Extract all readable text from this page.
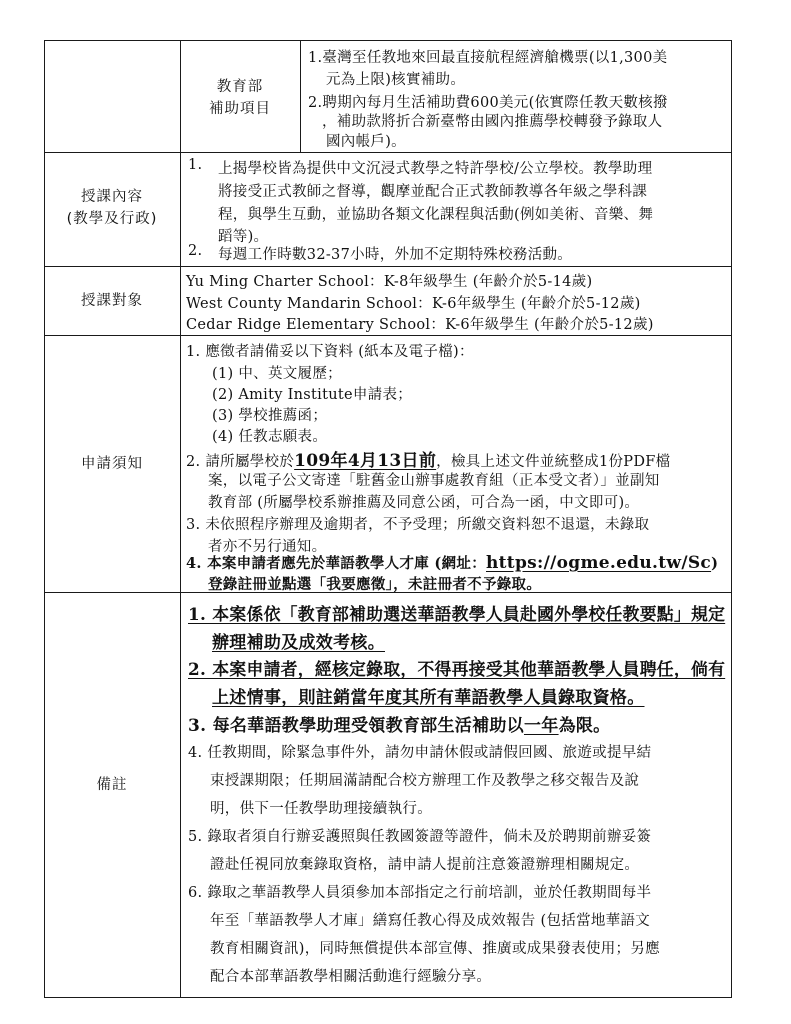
教育部
補助項目
1.臺灣至任教地來回最直接航程經濟艙機票(以1,300美
元為上限)核實補助。
2.聘期內每月生活補助費600美元(依實際任教天數核撥
，補助款將折合新臺幣由國內推薦學校轉發予錄取人
國內帳戶)。
授課內容
(教學及行政)
1. 上揭學校皆為提供中文沉浸式教學之特許學校/公立學校。教學助理
將接受正式教師之督導，觀摩並配合正式教師教導各年級之學科課
程，與學生互動，並協助各類文化課程與活動(例如美術、音樂、舞
蹈等)。
2. 每週工作時數32-37小時，外加不定期特殊校務活動。
授課對象
Yu Ming Charter School：K-8年級學生 (年齡介於5-14歲)
West County Mandarin School：K-6年級學生 (年齡介於5-12歲)
Cedar Ridge Elementary School：K-6年級學生 (年齡介於5-12歲)
申請須知
1. 應徵者請備妥以下資料 (紙本及電子檔)：
(1) 中、英文履歷；
(2) Amity Institute申請表；
(3) 學校推薦函；
(4) 任教志願表。
2. 請所屬學校於109年4月13日前，檢具上述文件並統整成1份PDF檔
案，以電子公文寄達「駐舊金山辦事處教育組（正本受文者）」並副知
教育部 (所屬學校系辦推薦及同意公函，可合為一函，中文即可)。
3. 未依照程序辦理及逾期者，不予受理；所繳交資料恕不退還，未錄取
者亦不另行通知。
4. 本案申請者應先於華語教學人才庫 (網址：https://ogme.edu.tw/Sc)
登錄註冊並點選「我要應徵」，未註冊者不予錄取。
備註
1. 本案係依「教育部補助選送華語教學人員赴國外學校任教要點」規定
辦理補助及成效考核。
2. 本案申請者，經核定錄取，不得再接受其他華語教學人員聘任，倘有
上述情事，則註銷當年度其所有華語教學人員錄取資格。
3. 每名華語教學助理受領教育部生活補助以一年為限。
4. 任教期間，除緊急事件外，請勿申請休假或請假回國、旅遊或提早結
束授課期限；任期屆滿請配合校方辦理工作及教學之移交報告及說
明，供下一任教學助理接續執行。
5. 錄取者須自行辦妥護照與任教國簽證等證件，倘未及於聘期前辦妥簽
證赴任視同放棄錄取資格，請申請人提前注意簽證辦理相關規定。
6. 錄取之華語教學人員須參加本部指定之行前培訓，並於任教期間每半
年至「華語教學人才庫」繕寫任教心得及成效報告 (包括當地華語文
教育相關資訊)，同時無償提供本部宣傳、推廣或成果發表使用；另應
配合本部華語教學相關活動進行經驗分享。
